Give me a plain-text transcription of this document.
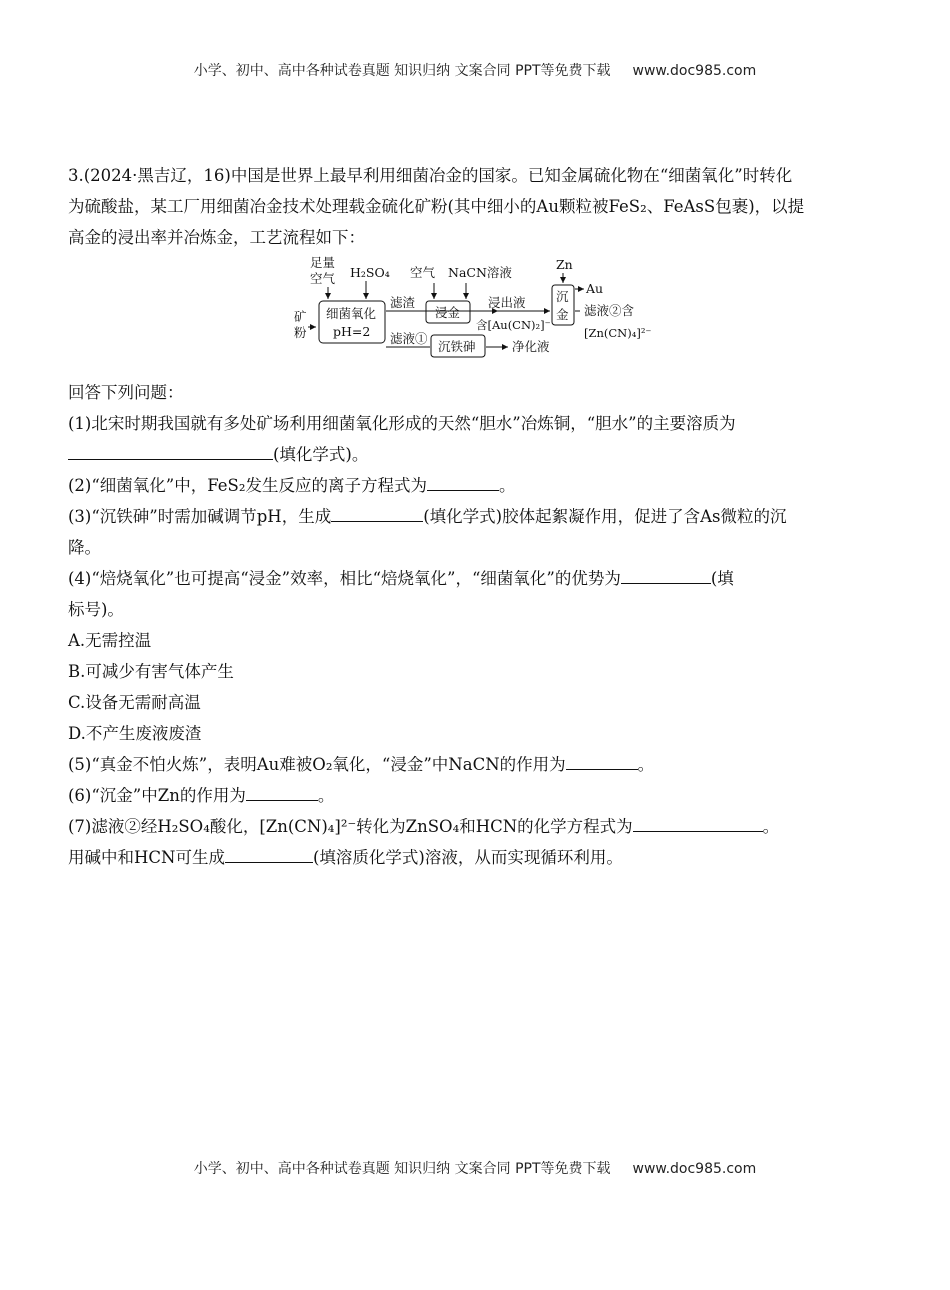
小学、初中、高中各种试卷真题 知识归纳 文案合同 PPT等免费下载 www.doc985.com

3.(2024·黑吉辽，16)中国是世界上最早利用细菌冶金的国家。已知金属硫化物在“细菌氧化”时转化

为硫酸盐，某工厂用细菌冶金技术处理载金硫化矿粉(其中细小的Au颗粒被FeS₂、FeAsS包裹)，以提

高金的浸出率并冶炼金，工艺流程如下：

足量
空气 H₂SO₄
矿
粉
细菌氧化
pH=2
滤渣
空气 NaCN溶液
浸金
浸出液
含[Au(CN)₂]⁻
Zn
沉
金
Au
滤液②含
[Zn(CN)₄]²⁻
滤液①
沉铁砷	净化液

回答下列问题：

(1)北宋时期我国就有多处矿场利用细菌氧化形成的天然“胆水”冶炼铜，“胆水”的主要溶质为

(填化学式)。

(2)“细菌氧化”中，FeS₂发生反应的离子方程式为	。

(3)“沉铁砷”时需加碱调节pH，生成	(填化学式)胶体起絮凝作用，促进了含As微粒的沉

降。

(4)“焙烧氧化”也可提高“浸金”效率，相比“焙烧氧化”，“细菌氧化”的优势为	(填

标号)。

A.无需控温

B.可减少有害气体产生

C.设备无需耐高温

D.不产生废液废渣

(5)“真金不怕火炼”，表明Au难被O₂氧化，“浸金”中NaCN的作用为	。

(6)“沉金”中Zn的作用为	。

(7)滤液②经H₂SO₄酸化，[Zn(CN)₄]²⁻转化为ZnSO₄和HCN的化学方程式为	。

用碱中和HCN可生成	(填溶质化学式)溶液，从而实现循环利用。

小学、初中、高中各种试卷真题 知识归纳 文案合同 PPT等免费下载 www.doc985.com
